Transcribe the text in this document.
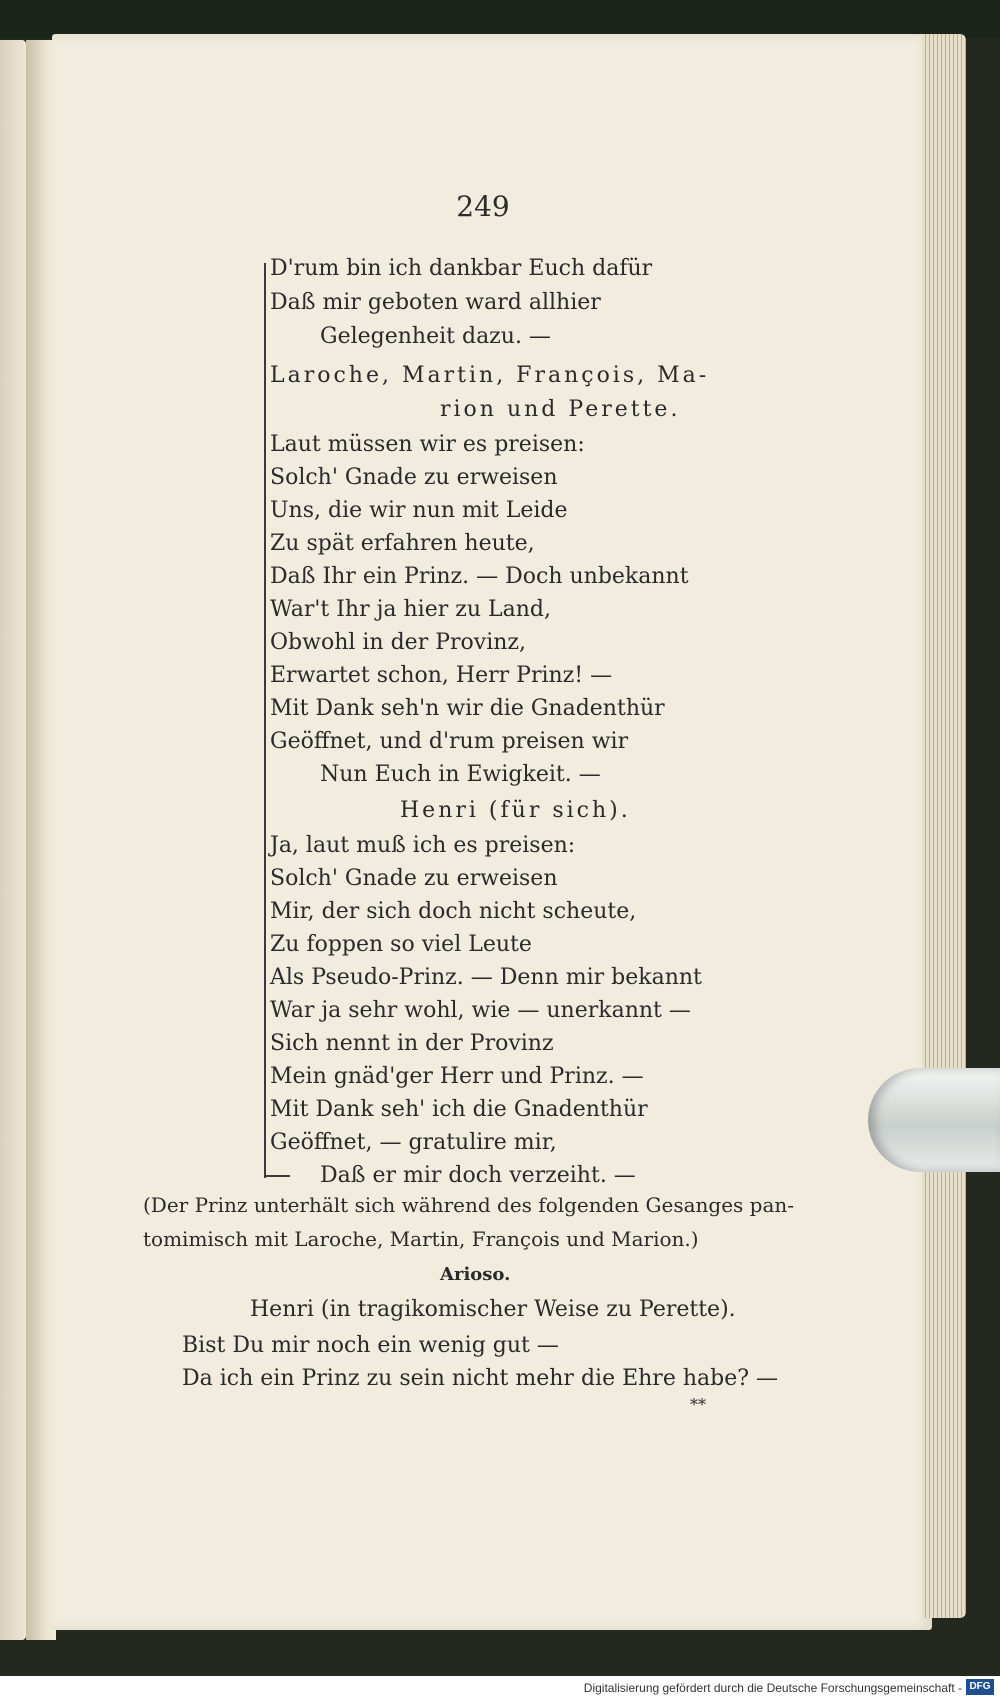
249
D'rum bin ich dankbar Euch dafür
Daß mir geboten ward allhier
Gelegenheit dazu. —
Laroche, Martin, François, Ma-
rion und Perette.
Laut müssen wir es preisen:
Solch' Gnade zu erweisen
Uns, die wir nun mit Leide
Zu spät erfahren heute,
Daß Ihr ein Prinz. — Doch unbekannt
War't Ihr ja hier zu Land,
Obwohl in der Provinz,
Erwartet schon, Herr Prinz! —
Mit Dank seh'n wir die Gnadenthür
Geöffnet, und d'rum preisen wir
Nun Euch in Ewigkeit. —
Henri (für sich).
Ja, laut muß ich es preisen:
Solch' Gnade zu erweisen
Mir, der sich doch nicht scheute,
Zu foppen so viel Leute
Als Pseudo-Prinz. — Denn mir bekannt
War ja sehr wohl, wie — unerkannt —
Sich nennt in der Provinz
Mein gnäd'ger Herr und Prinz. —
Mit Dank seh' ich die Gnadenthür
Geöffnet, — gratulire mir,
Daß er mir doch verzeiht. —
(Der Prinz unterhält sich während des folgenden Gesanges pan-
tomimisch mit Laroche, Martin, François und Marion.)
Arioso.
Henri (in tragikomischer Weise zu Perette).
Bist Du mir noch ein wenig gut —
Da ich ein Prinz zu sein nicht mehr die Ehre habe? —
**
Digitalisierung gefördert durch die Deutsche Forschungsgemeinschaft - DFG
